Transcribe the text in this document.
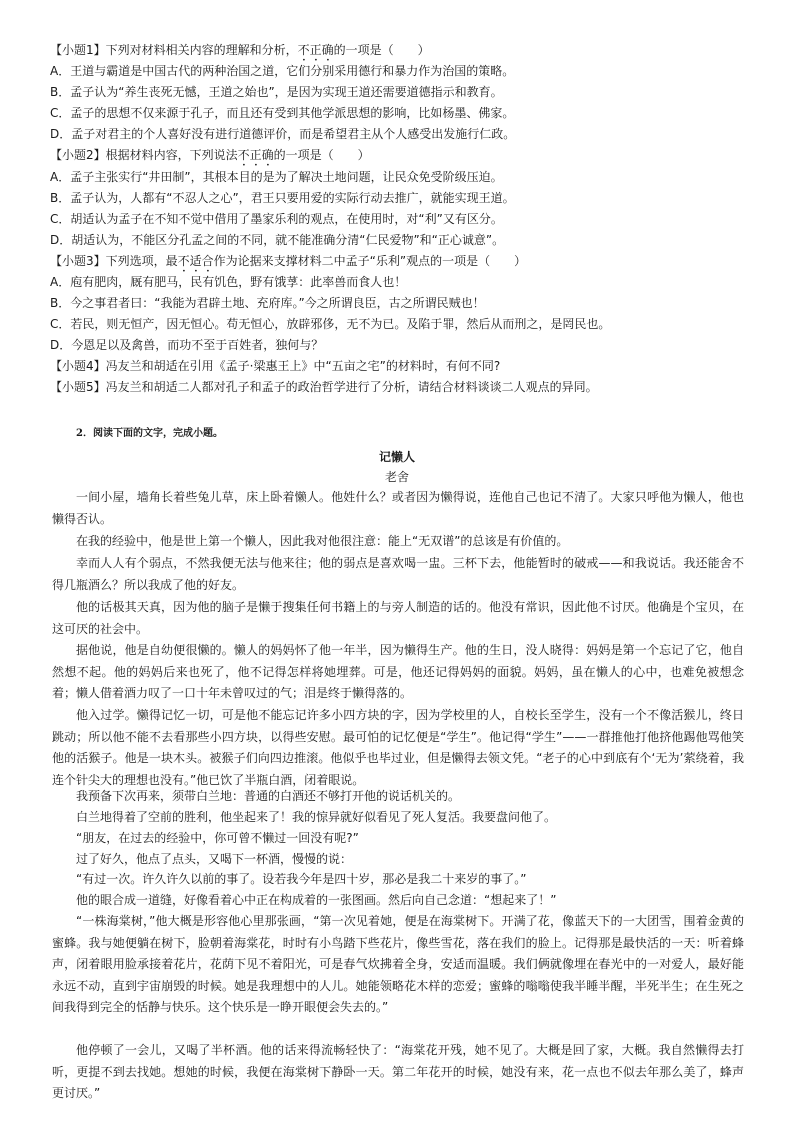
【小题1】下列对材料相关内容的理解和分析，不正确的一项是（　　）
A．王道与霸道是中国古代的两种治国之道，它们分别采用德行和暴力作为治国的策略。
B．孟子认为“养生丧死无憾，王道之始也”，是因为实现王道还需要道德指示和教育。
C．孟子的思想不仅来源于孔子，而且还有受到其他学派思想的影响，比如杨墨、佛家。
D．孟子对君主的个人喜好没有进行道德评价，而是希望君主从个人感受出发施行仁政。
【小题2】根据材料内容，下列说法不正确的一项是（　　）
A．孟子主张实行“井田制”，其根本目的是为了解决土地问题，让民众免受阶级压迫。
B．孟子认为，人都有“不忍人之心”，君王只要用爱的实际行动去推广，就能实现王道。
C．胡适认为孟子在不知不觉中借用了墨家乐利的观点，在使用时，对“利”又有区分。
D．胡适认为，不能区分孔孟之间的不同，就不能准确分清“仁民爱物”和“正心诚意”。
【小题3】下列选项，最不适合作为论据来支撑材料二中孟子“乐利”观点的一项是（　　）
A．庖有肥肉，厩有肥马，民有饥色，野有饿莩：此率兽而食人也！
B．今之事君者曰：“我能为君辟土地、充府库。”今之所谓良臣，古之所谓民贼也！
C．若民，则无恒产，因无恒心。苟无恒心，放辟邪侈，无不为已。及陷于罪，然后从而刑之，是罔民也。
D．今恩足以及禽兽，而功不至于百姓者，独何与？
【小题4】冯友兰和胡适在引用《孟子·梁惠王上》中“五亩之宅”的材料时，有何不同?
【小题5】冯友兰和胡适二人都对孔子和孟子的政治哲学进行了分析，请结合材料谈谈二人观点的异同。
2．阅读下面的文字，完成小题。
记懒人
老舍
一间小屋，墙角长着些兔儿草，床上卧着懒人。他姓什么？或者因为懒得说，连他自己也记不清了。大家只呼他为懒人，他也懒得否认。
在我的经验中，他是世上第一个懒人，因此我对他很注意：能上“无双谱”的总该是有价值的。
幸而人人有个弱点，不然我便无法与他来往；他的弱点是喜欢喝一盅。三杯下去，他能暂时的破戒——和我说话。我还能舍不得几瓶酒么？所以我成了他的好友。
他的话极其天真，因为他的脑子是懒于搜集任何书籍上的与旁人制造的话的。他没有常识，因此他不讨厌。他确是个宝贝，在这可厌的社会中。
据他说，他是自幼便很懒的。懒人的妈妈怀了他一年半，因为懒得生产。他的生日，没人晓得：妈妈是第一个忘记了它，他自然想不起。他的妈妈后来也死了，他不记得怎样将她埋葬。可是，他还记得妈妈的面貌。妈妈，虽在懒人的心中，也难免被想念着；懒人借着酒力叹了一口十年未曾叹过的气；泪是终于懒得落的。
他入过学。懒得记忆一切，可是他不能忘记许多小四方块的字，因为学校里的人，自校长至学生，没有一个不像活猴儿，终日跳动；所以他不能不去看那些小四方块，以得些安慰。最可怕的记忆便是“学生”。他记得“学生”——一群推他打他挤他踢他骂他笑他的活猴子。他是一块木头。被猴子们向四边推滚。他似乎也毕过业，但是懒得去领文凭。“老子的心中到底有个‘无为’萦绕着，我连个针尖大的理想也没有。”他已饮了半瓶白酒，闭着眼说。
我预备下次再来，须带白兰地：普通的白酒还不够打开他的说话机关的。
白兰地得着了空前的胜利，他坐起来了！我的惊异就好似看见了死人复活。我要盘问他了。
“朋友，在过去的经验中，你可曾不懒过一回没有呢?”
过了好久，他点了点头，又喝下一杯酒，慢慢的说：
“有过一次。许久许久以前的事了。设若我今年是四十岁，那必是我二十来岁的事了。”
他的眼合成一道缝，好像看着心中正在构成着的一张图画。然后向自己念道：“想起来了！”
“一株海棠树，”他大概是形容他心里那张画，“第一次见着她，便是在海棠树下。开满了花，像蓝天下的一大团雪，围着金黄的蜜蜂。我与她便躺在树下，脸朝着海棠花，时时有小鸟踏下些花片，像些雪花，落在我们的脸上。记得那是最快活的一天：听着蜂声，闭着眼用脸承接着花片，花荫下见不着阳光，可是春气炊拂着全身，安适而温暖。我们俩就像埋在春光中的一对爱人，最好能永远不动，直到宇宙崩毁的时候。她是我理想中的人儿。她能领略花木样的恋爱；蜜蜂的嗡嗡使我半睡半醒，半死半生；在生死之间我得到完全的恬静与快乐。这个快乐是一睁开眼便会失去的。”
他停顿了一会儿，又喝了半杯酒。他的话来得流畅轻快了：“海棠花开残，她不见了。大概是回了家，大概。我自然懒得去打听，更提不到去找她。想她的时候，我便在海棠树下静卧一天。第二年花开的时候，她没有来，花一点也不似去年那么美了，蜂声更讨厌。”
